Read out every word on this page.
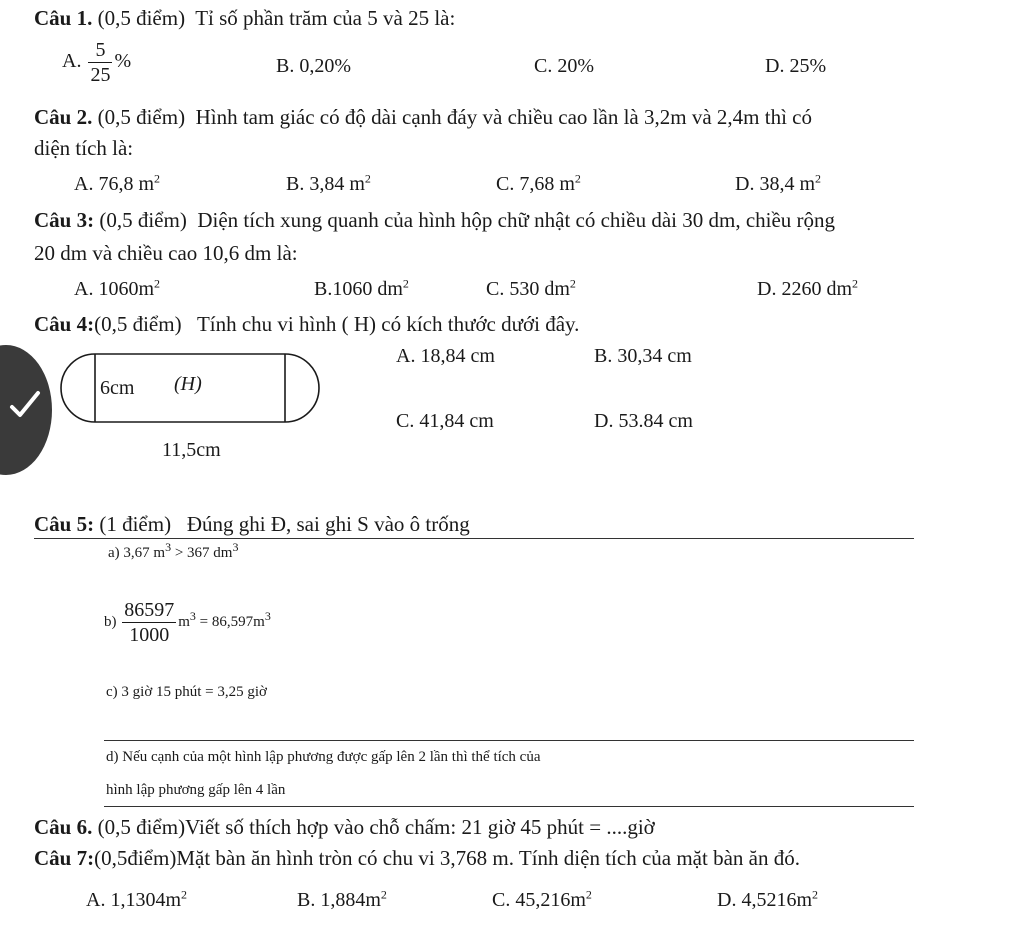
Câu 1. (0,5 điểm) Tỉ số phần trăm của 5 và 25 là:
A. $\frac{5}{25}$ %	B. 0,20%	C. 20%	D. 25%
Câu 2. (0,5 điểm) Hình tam giác có độ dài cạnh đáy và chiều cao lần là 3,2m và 2,4m thì có
diện tích là:
A. 76,8 $m^2$	B. 3,84 $m^2$	C. 7,68 $m^2$	D. 38,4 $m^2$
Câu 3: (0,5 điểm) Diện tích xung quanh của hình hộp chữ nhật có chiều dài 30 dm, chiều rộng
20 dm và chiều cao 10,6 dm là:
A. $1060m^2$	B.1060 $dm^2$	C. 530 $dm^2$	D. 2260 $dm^2$
Câu 4:(0,5 điểm) Tính chu vi hình ( H) có kích thước dưới đây.
6cm (H)
11,5cm
A. 18,84 cm	B. 30,34 cm
C. 41,84 cm	D. 53.84 cm
Câu 5: (1 điểm) Đúng ghi Đ, sai ghi S vào ô trống
a) 3,67 $m^3 > 367$ $dm^3$
$b) \frac{86597}{1000} m^3 = 86,597m^3$
c) 3 giờ 15 phút = 3,25 giờ
d) Nếu cạnh của một hình lập phương được gấp lên 2 lần thì thể tích của
hình lập phương gấp lên 4 lần
Câu 6. (0,5 điểm)Viết số thích hợp vào chỗ chấm: 21 giờ 45 phút = ....giờ
Câu 7:(0,5điểm)Mặt bàn ăn hình tròn có chu vi 3,768 m. Tính diện tích của mặt bàn ăn đó.
A. $1,1304m^2$	B. $1,884m^2$	C. $45,216m^2$	D. $4,5216m^2$
